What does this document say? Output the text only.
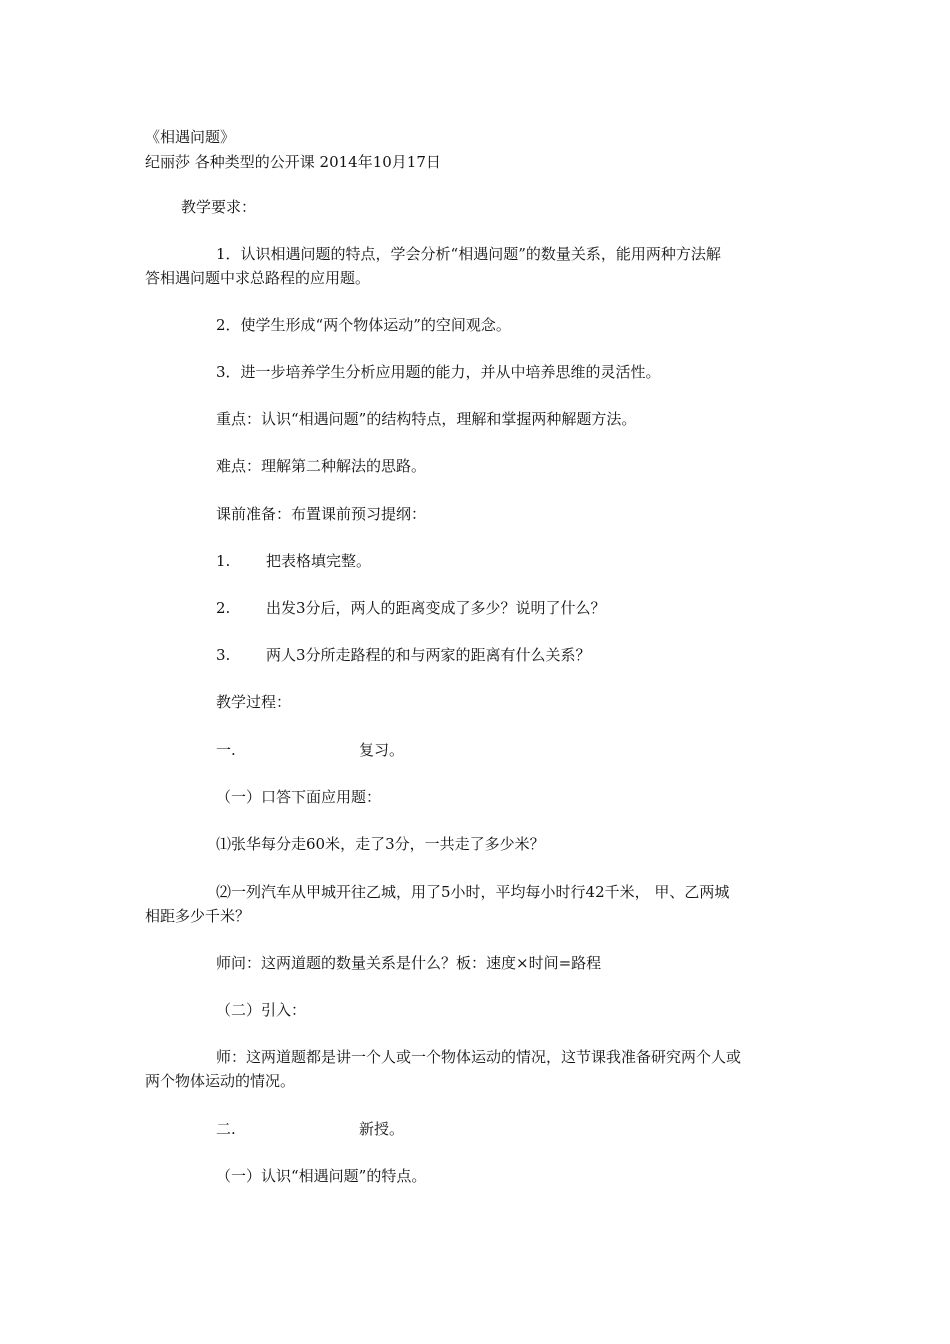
《相遇问题》
纪丽莎 各种类型的公开课 2014年10月17日
教学要求：
1．认识相遇问题的特点，学会分析“相遇问题”的数量关系，能用两种方法解
答相遇问题中求总路程的应用题。
2．使学生形成“两个物体运动”的空间观念。
3．进一步培养学生分析应用题的能力，并从中培养思维的灵活性。
重点：认识“相遇问题”的结构特点，理解和掌握两种解题方法。
难点：理解第二种解法的思路。
课前准备：布置课前预习提纲：
1. 把表格填完整。
2. 出发3分后，两人的距离变成了多少？说明了什么？
3. 两人3分所走路程的和与两家的距离有什么关系？
教学过程：
一.	复习。
（一）口答下面应用题：
⑴张华每分走60米，走了3分，一共走了多少米？
⑵一列汽车从甲城开往乙城，用了5小时，平均每小时行42千米， 甲、乙两城
相距多少千米？
师问：这两道题的数量关系是什么？板：速度×时间=路程
（二）引入：
师：这两道题都是讲一个人或一个物体运动的情况，这节课我准备研究两个人或
两个物体运动的情况。
二.	新授。
（一）认识“相遇问题”的特点。
